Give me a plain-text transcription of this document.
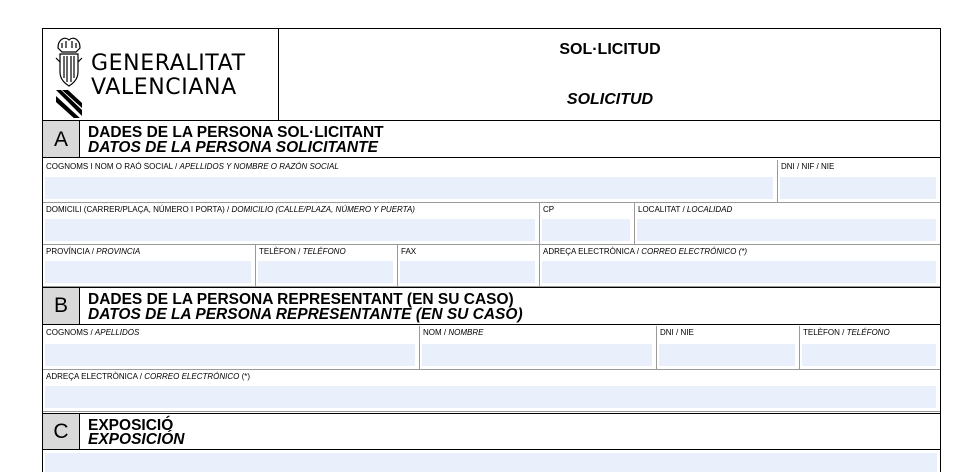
GENERALITAT
VALENCIANA
SOL·LICITUD
SOLICITUD
A	DADES DE LA PERSONA SOL·LICITANT
DATOS DE LA PERSONA SOLICITANTE
COGNOMS I NOM O RAÓ SOCIAL / APELLIDOS Y NOMBRE O RAZÓN SOCIAL	DNI / NIF / NIE
DOMICILI (CARRER/PLAÇA, NÚMERO I PORTA) / DOMICILIO (CALLE/PLAZA, NÚMERO Y PUERTA)	CP	LOCALITAT / LOCALIDAD
PROVÍNCIA / PROVINCIA	TELÈFON / TELÉFONO	FAX	ADREÇA ELECTRÒNICA / CORREO ELECTRÓNICO (*)
B	DADES DE LA PERSONA REPRESENTANT (EN SU CASO)
DATOS DE LA PERSONA REPRESENTANTE (EN SU CASO)
COGNOMS / APELLIDOS	NOM / NOMBRE	DNI / NIE	TELÈFON / TELÉFONO
ADREÇA ELECTRÒNICA / CORREO ELECTRÓNICO (*)
C	EXPOSICIÓ
EXPOSICIÓN
